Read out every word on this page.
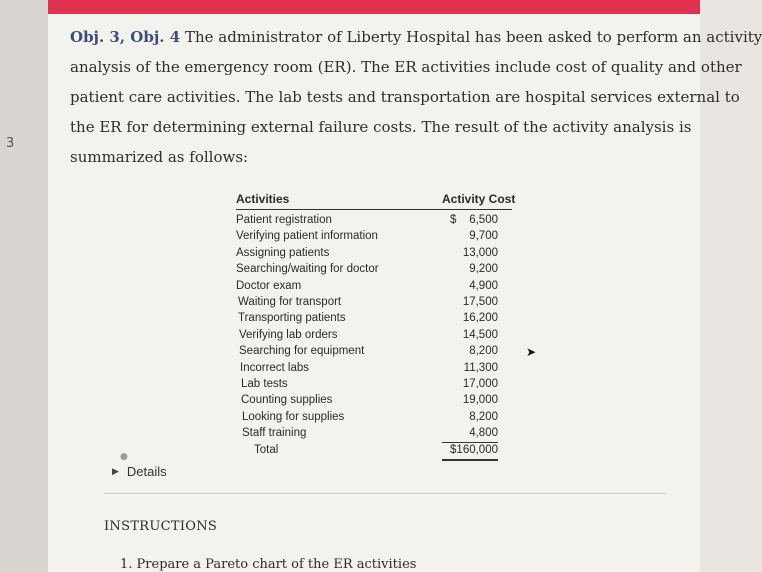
3
Obj. 3, Obj. 4 The administrator of Liberty Hospital has been asked to perform an activity
analysis of the emergency room (ER). The ER activities include cost of quality and other
patient care activities. The lab tests and transportation are hospital services external to
the ER for determining external failure costs. The result of the activity analysis is
summarized as follows:
Activities	Activity Cost
Patient registration	$ 6,500
Verifying patient information	9,700
Assigning patients	13,000
Searching/waiting for doctor	9,200
Doctor exam	4,900
Waiting for transport	17,500
Transporting patients	16,200
Verifying lab orders	14,500
Searching for equipment	8,200
Incorrect labs	11,300
Lab tests	17,000
Counting supplies	19,000
Looking for supplies	8,200
Staff training	4,800
Total	$160,000
➤
●
▶ Details
INSTRUCTIONS
1. Prepare a Pareto chart of the ER activities
